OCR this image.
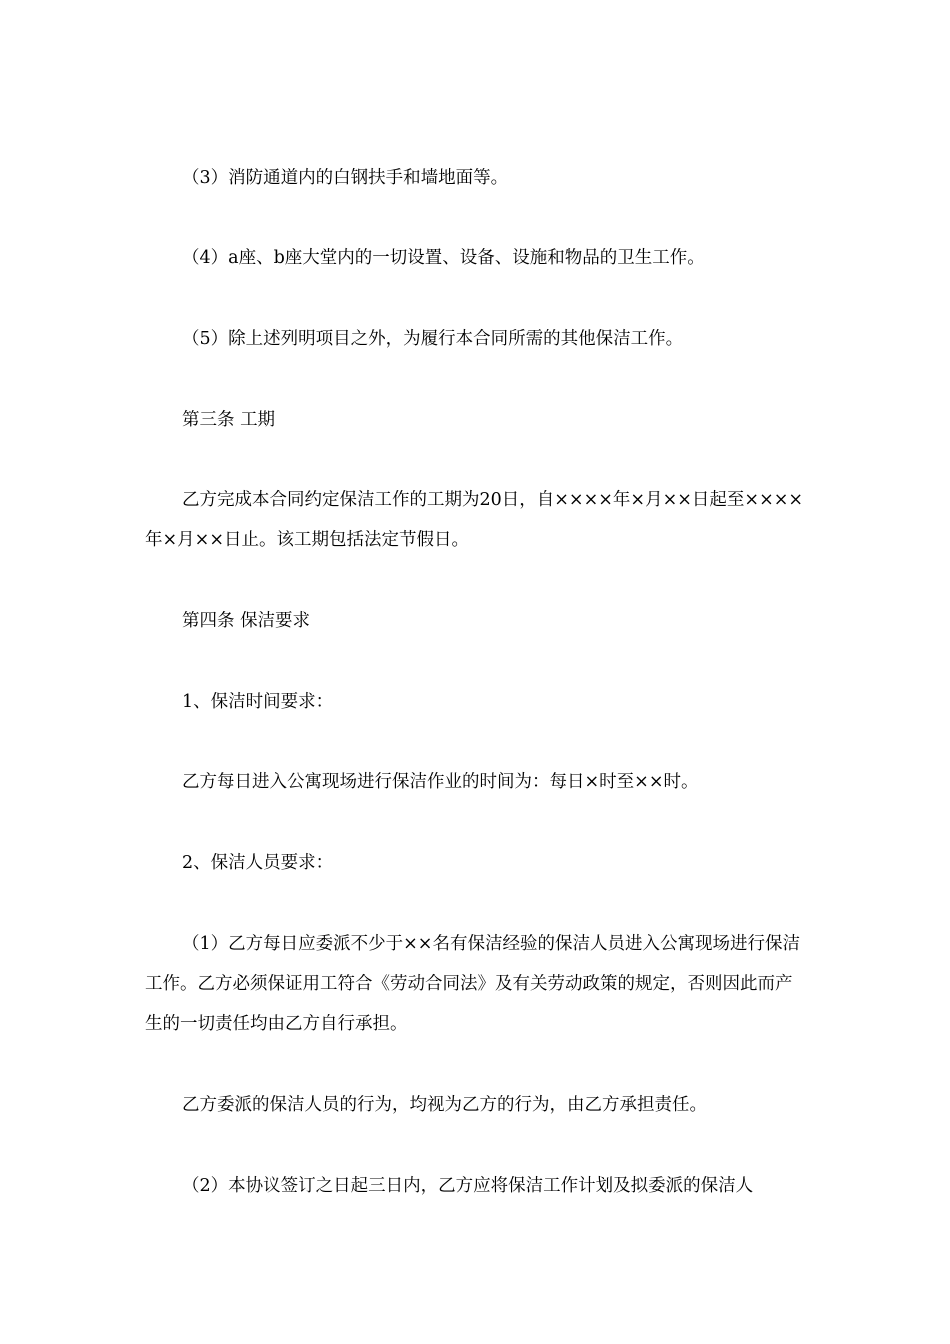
（3）消防通道内的白钢扶手和墙地面等。

（4）a座、b座大堂内的一切设置、设备、设施和物品的卫生工作。

（5）除上述列明项目之外，为履行本合同所需的其他保洁工作。

第三条 工期

乙方完成本合同约定保洁工作的工期为20日，自××××年×月××日起至××××年×月××日止。该工期包括法定节假日。

第四条 保洁要求

1、保洁时间要求：

乙方每日进入公寓现场进行保洁作业的时间为：每日×时至××时。

2、保洁人员要求：

（1）乙方每日应委派不少于××名有保洁经验的保洁人员进入公寓现场进行保洁工作。乙方必须保证用工符合《劳动合同法》及有关劳动政策的规定，否则因此而产生的一切责任均由乙方自行承担。

乙方委派的保洁人员的行为，均视为乙方的行为，由乙方承担责任。

（2）本协议签订之日起三日内，乙方应将保洁工作计划及拟委派的保洁人
